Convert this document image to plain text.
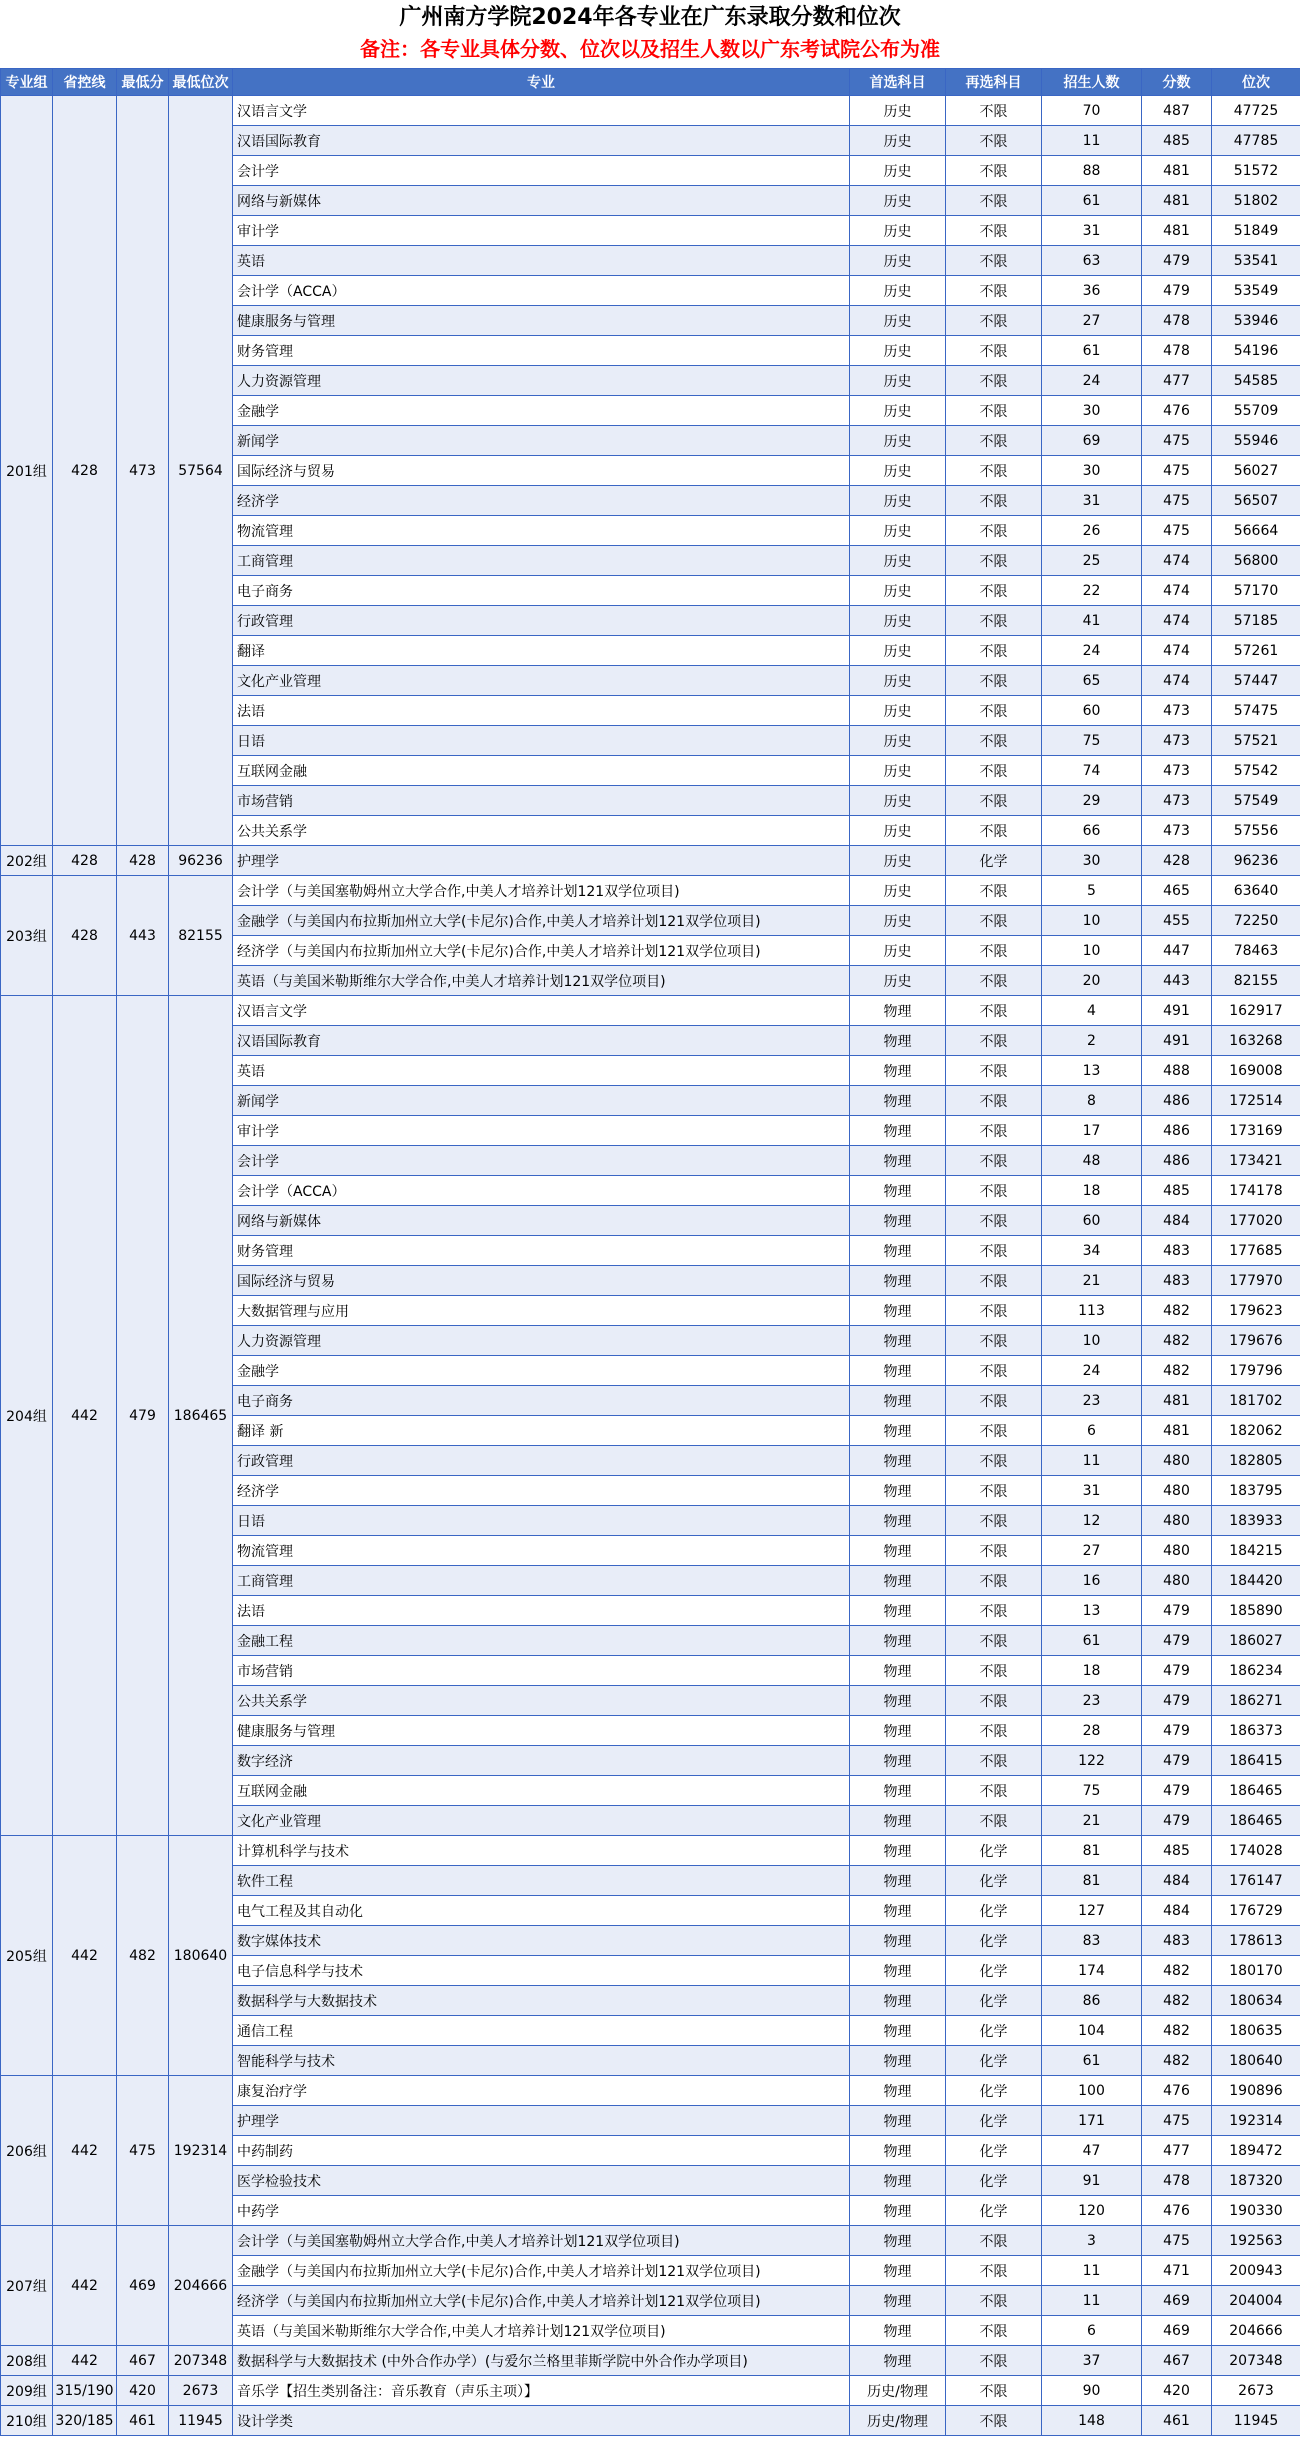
广州南方学院2024年各专业在广东录取分数和位次
备注：各专业具体分数、位次以及招生人数以广东考试院公布为准
专业组	省控线	最低分	最低位次	专业	首选科目	再选科目	招生人数	分数	位次
201组	428	473	57564	汉语言文学	历史	不限	70	487	47725
				汉语国际教育	历史	不限	11	485	47785
				会计学	历史	不限	88	481	51572
				网络与新媒体	历史	不限	61	481	51802
				审计学	历史	不限	31	481	51849
				英语	历史	不限	63	479	53541
				会计学（ACCA）	历史	不限	36	479	53549
				健康服务与管理	历史	不限	27	478	53946
				财务管理	历史	不限	61	478	54196
				人力资源管理	历史	不限	24	477	54585
				金融学	历史	不限	30	476	55709
				新闻学	历史	不限	69	475	55946
				国际经济与贸易	历史	不限	30	475	56027
				经济学	历史	不限	31	475	56507
				物流管理	历史	不限	26	475	56664
				工商管理	历史	不限	25	474	56800
				电子商务	历史	不限	22	474	57170
				行政管理	历史	不限	41	474	57185
				翻译	历史	不限	24	474	57261
				文化产业管理	历史	不限	65	474	57447
				法语	历史	不限	60	473	57475
				日语	历史	不限	75	473	57521
				互联网金融	历史	不限	74	473	57542
				市场营销	历史	不限	29	473	57549
				公共关系学	历史	不限	66	473	57556
202组	428	428	96236	护理学	历史	化学	30	428	96236
203组	428	443	82155	会计学（与美国塞勒姆州立大学合作,中美人才培养计划121双学位项目)	历史	不限	5	465	63640
				金融学（与美国内布拉斯加州立大学(卡尼尔)合作,中美人才培养计划121双学位项目)	历史	不限	10	455	72250
				经济学（与美国内布拉斯加州立大学(卡尼尔)合作,中美人才培养计划121双学位项目)	历史	不限	10	447	78463
				英语（与美国米勒斯维尔大学合作,中美人才培养计划121双学位项目)	历史	不限	20	443	82155
204组	442	479	186465	汉语言文学	物理	不限	4	491	162917
				汉语国际教育	物理	不限	2	491	163268
				英语	物理	不限	13	488	169008
				新闻学	物理	不限	8	486	172514
				审计学	物理	不限	17	486	173169
				会计学	物理	不限	48	486	173421
				会计学（ACCA）	物理	不限	18	485	174178
				网络与新媒体	物理	不限	60	484	177020
				财务管理	物理	不限	34	483	177685
				国际经济与贸易	物理	不限	21	483	177970
				大数据管理与应用	物理	不限	113	482	179623
				人力资源管理	物理	不限	10	482	179676
				金融学	物理	不限	24	482	179796
				电子商务	物理	不限	23	481	181702
				翻译 新	物理	不限	6	481	182062
				行政管理	物理	不限	11	480	182805
				经济学	物理	不限	31	480	183795
				日语	物理	不限	12	480	183933
				物流管理	物理	不限	27	480	184215
				工商管理	物理	不限	16	480	184420
				法语	物理	不限	13	479	185890
				金融工程	物理	不限	61	479	186027
				市场营销	物理	不限	18	479	186234
				公共关系学	物理	不限	23	479	186271
				健康服务与管理	物理	不限	28	479	186373
				数字经济	物理	不限	122	479	186415
				互联网金融	物理	不限	75	479	186465
				文化产业管理	物理	不限	21	479	186465
205组	442	482	180640	计算机科学与技术	物理	化学	81	485	174028
				软件工程	物理	化学	81	484	176147
				电气工程及其自动化	物理	化学	127	484	176729
				数字媒体技术	物理	化学	83	483	178613
				电子信息科学与技术	物理	化学	174	482	180170
				数据科学与大数据技术	物理	化学	86	482	180634
				通信工程	物理	化学	104	482	180635
				智能科学与技术	物理	化学	61	482	180640
206组	442	475	192314	康复治疗学	物理	化学	100	476	190896
				护理学	物理	化学	171	475	192314
				中药制药	物理	化学	47	477	189472
				医学检验技术	物理	化学	91	478	187320
				中药学	物理	化学	120	476	190330
207组	442	469	204666	会计学（与美国塞勒姆州立大学合作,中美人才培养计划121双学位项目)	物理	不限	3	475	192563
				金融学（与美国内布拉斯加州立大学(卡尼尔)合作,中美人才培养计划121双学位项目)	物理	不限	11	471	200943
				经济学（与美国内布拉斯加州立大学(卡尼尔)合作,中美人才培养计划121双学位项目)	物理	不限	11	469	204004
				英语（与美国米勒斯维尔大学合作,中美人才培养计划121双学位项目)	物理	不限	6	469	204666
208组	442	467	207348	数据科学与大数据技术 (中外合作办学）(与爱尔兰格里菲斯学院中外合作办学项目)	物理	不限	37	467	207348
209组	315/190	420	2673	音乐学【招生类别备注：音乐教育（声乐主项）】	历史/物理	不限	90	420	2673
210组	320/185	461	11945	设计学类	历史/物理	不限	148	461	11945
